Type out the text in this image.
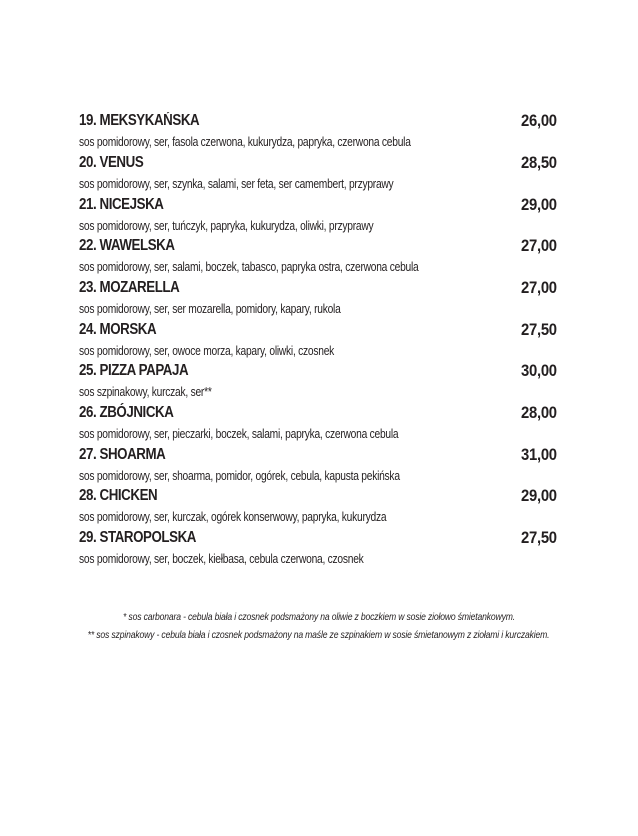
19. MEKSYKAŃSKA	26,00
sos pomidorowy, ser, fasola czerwona, kukurydza, papryka, czerwona cebula
20. VENUS	28,50
sos pomidorowy, ser, szynka, salami, ser feta, ser camembert, przyprawy
21. NICEJSKA	29,00
sos pomidorowy, ser, tuńczyk, papryka, kukurydza, oliwki, przyprawy
22. WAWELSKA	27,00
sos pomidorowy, ser, salami, boczek, tabasco, papryka ostra, czerwona cebula
23. MOZARELLA	27,00
sos pomidorowy, ser, ser mozarella, pomidory, kapary, rukola
24. MORSKA	27,50
sos pomidorowy, ser, owoce morza, kapary, oliwki, czosnek
25. PIZZA PAPAJA	30,00
sos szpinakowy, kurczak, ser**
26. ZBÓJNICKA	28,00
sos pomidorowy, ser, pieczarki, boczek, salami, papryka, czerwona cebula
27. SHOARMA	31,00
sos pomidorowy, ser, shoarma, pomidor, ogórek, cebula, kapusta pekińska
28. CHICKEN	29,00
sos pomidorowy, ser, kurczak, ogórek konserwowy, papryka, kukurydza
29. STAROPOLSKA	27,50
sos pomidorowy, ser, boczek, kiełbasa, cebula czerwona, czosnek
* sos carbonara - cebula biała i czosnek podsmażony na oliwie z boczkiem w sosie ziołowo śmietankowym.
** sos szpinakowy - cebula biała i czosnek podsmażony na maśle ze szpinakiem w sosie śmietanowym z ziołami i kurczakiem.
